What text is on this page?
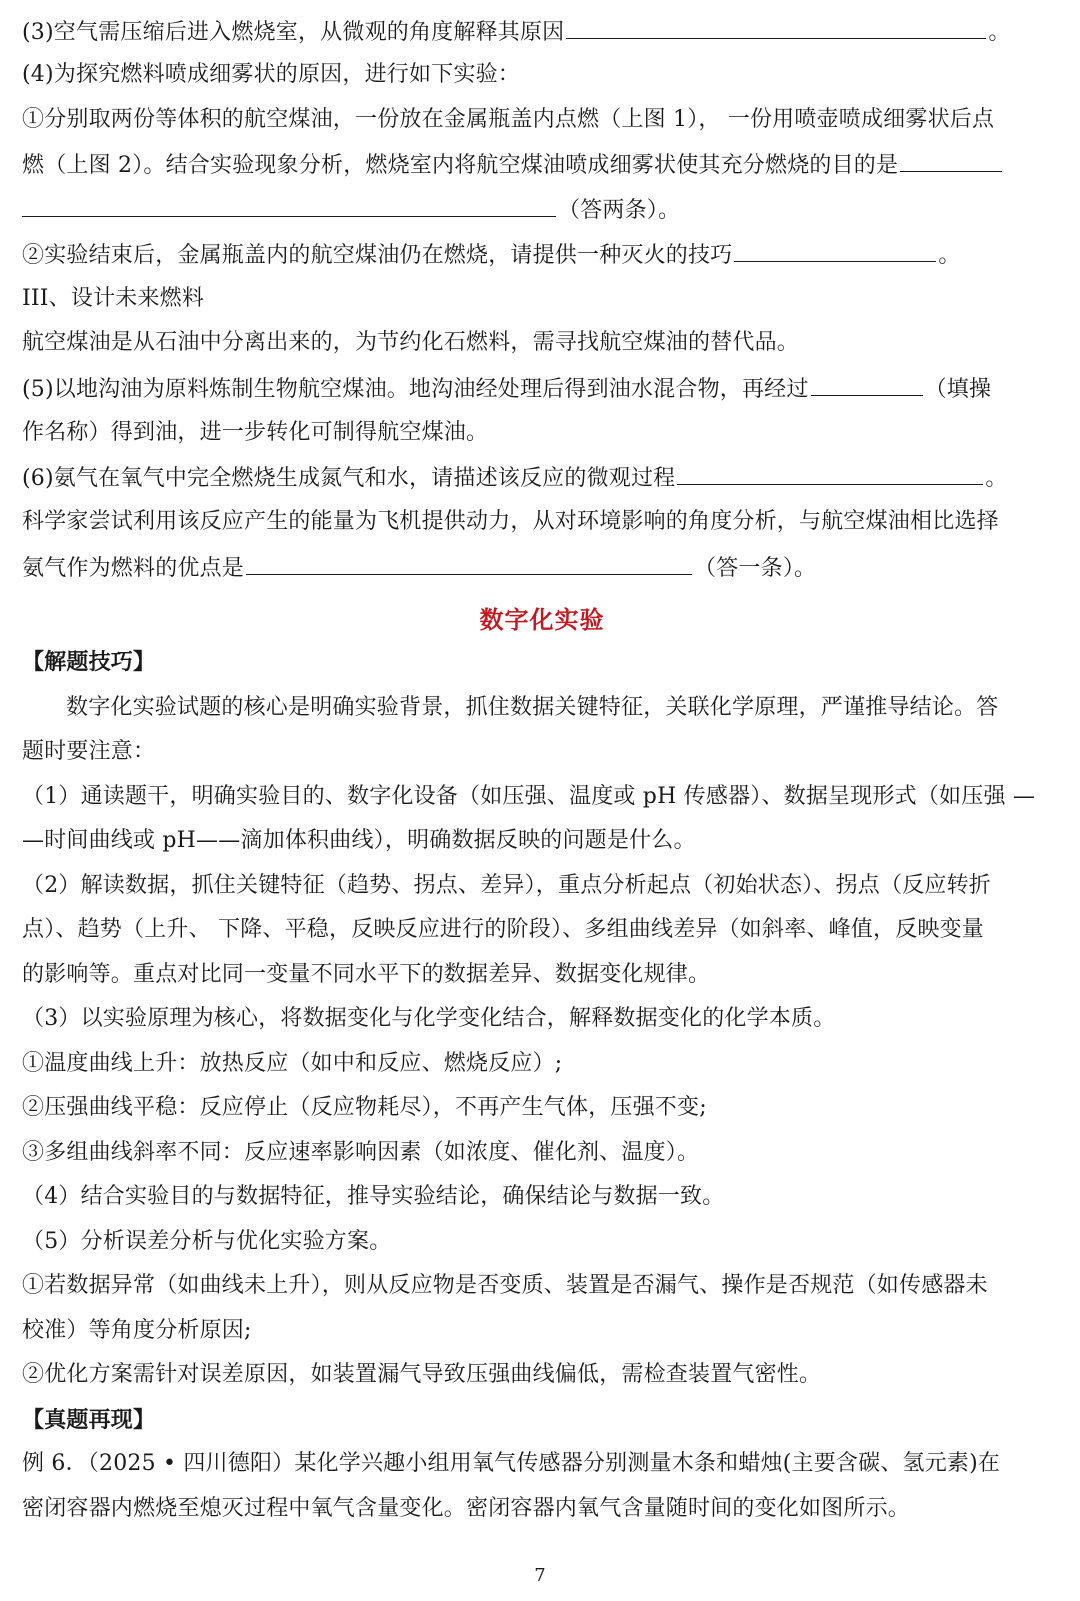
(3)空气需压缩后进入燃烧室，从微观的角度解释其原因	。
(4)为探究燃料喷成细雾状的原因，进行如下实验：
①分别取两份等体积的航空煤油，一份放在金属瓶盖内点燃（上图 1）， 一份用喷壶喷成细雾状后点
燃（上图 2）。结合实验现象分析，燃烧室内将航空煤油喷成细雾状使其充分燃烧的目的是
（答两条）。
②实验结束后，金属瓶盖内的航空煤油仍在燃烧，请提供一种灭火的技巧	。
III、设计未来燃料
航空煤油是从石油中分离出来的，为节约化石燃料，需寻找航空煤油的替代品。
(5)以地沟油为原料炼制生物航空煤油。地沟油经处理后得到油水混合物，再经过	（填操
作名称）得到油，进一步转化可制得航空煤油。
(6)氨气在氧气中完全燃烧生成氮气和水，请描述该反应的微观过程	。
科学家尝试利用该反应产生的能量为飞机提供动力，从对环境影响的角度分析，与航空煤油相比选择
氨气作为燃料的优点是	（答一条）。
数字化实验
【解题技巧】
数字化实验试题的核心是明确实验背景，抓住数据关键特征，关联化学原理，严谨推导结论。答
题时要注意：
（1）通读题干，明确实验目的、数字化设备（如压强、温度或 pH 传感器）、数据呈现形式（如压强 —
—时间曲线或 pH——滴加体积曲线），明确数据反映的问题是什么。
（2）解读数据，抓住关键特征（趋势、拐点、差异），重点分析起点（初始状态）、拐点（反应转折
点）、趋势（上升、 下降、平稳，反映反应进行的阶段）、多组曲线差异（如斜率、峰值，反映变量
的影响等。重点对比同一变量不同水平下的数据差异、数据变化规律。
（3）以实验原理为核心，将数据变化与化学变化结合，解释数据变化的化学本质。
①温度曲线上升：放热反应（如中和反应、燃烧反应）;
②压强曲线平稳：反应停止（反应物耗尽），不再产生气体，压强不变;
③多组曲线斜率不同：反应速率影响因素（如浓度、催化剂、温度）。
（4）结合实验目的与数据特征，推导实验结论，确保结论与数据一致。
（5）分析误差分析与优化实验方案。
①若数据异常（如曲线未上升），则从反应物是否变质、装置是否漏气、操作是否规范（如传感器未
校准）等角度分析原因;
②优化方案需针对误差原因，如装置漏气导致压强曲线偏低，需检查装置气密性。
【真题再现】
例 6．（2025 • 四川德阳）某化学兴趣小组用氧气传感器分别测量木条和蜡烛(主要含碳、氢元素)在
密闭容器内燃烧至熄灭过程中氧气含量变化。密闭容器内氧气含量随时间的变化如图所示。
7
